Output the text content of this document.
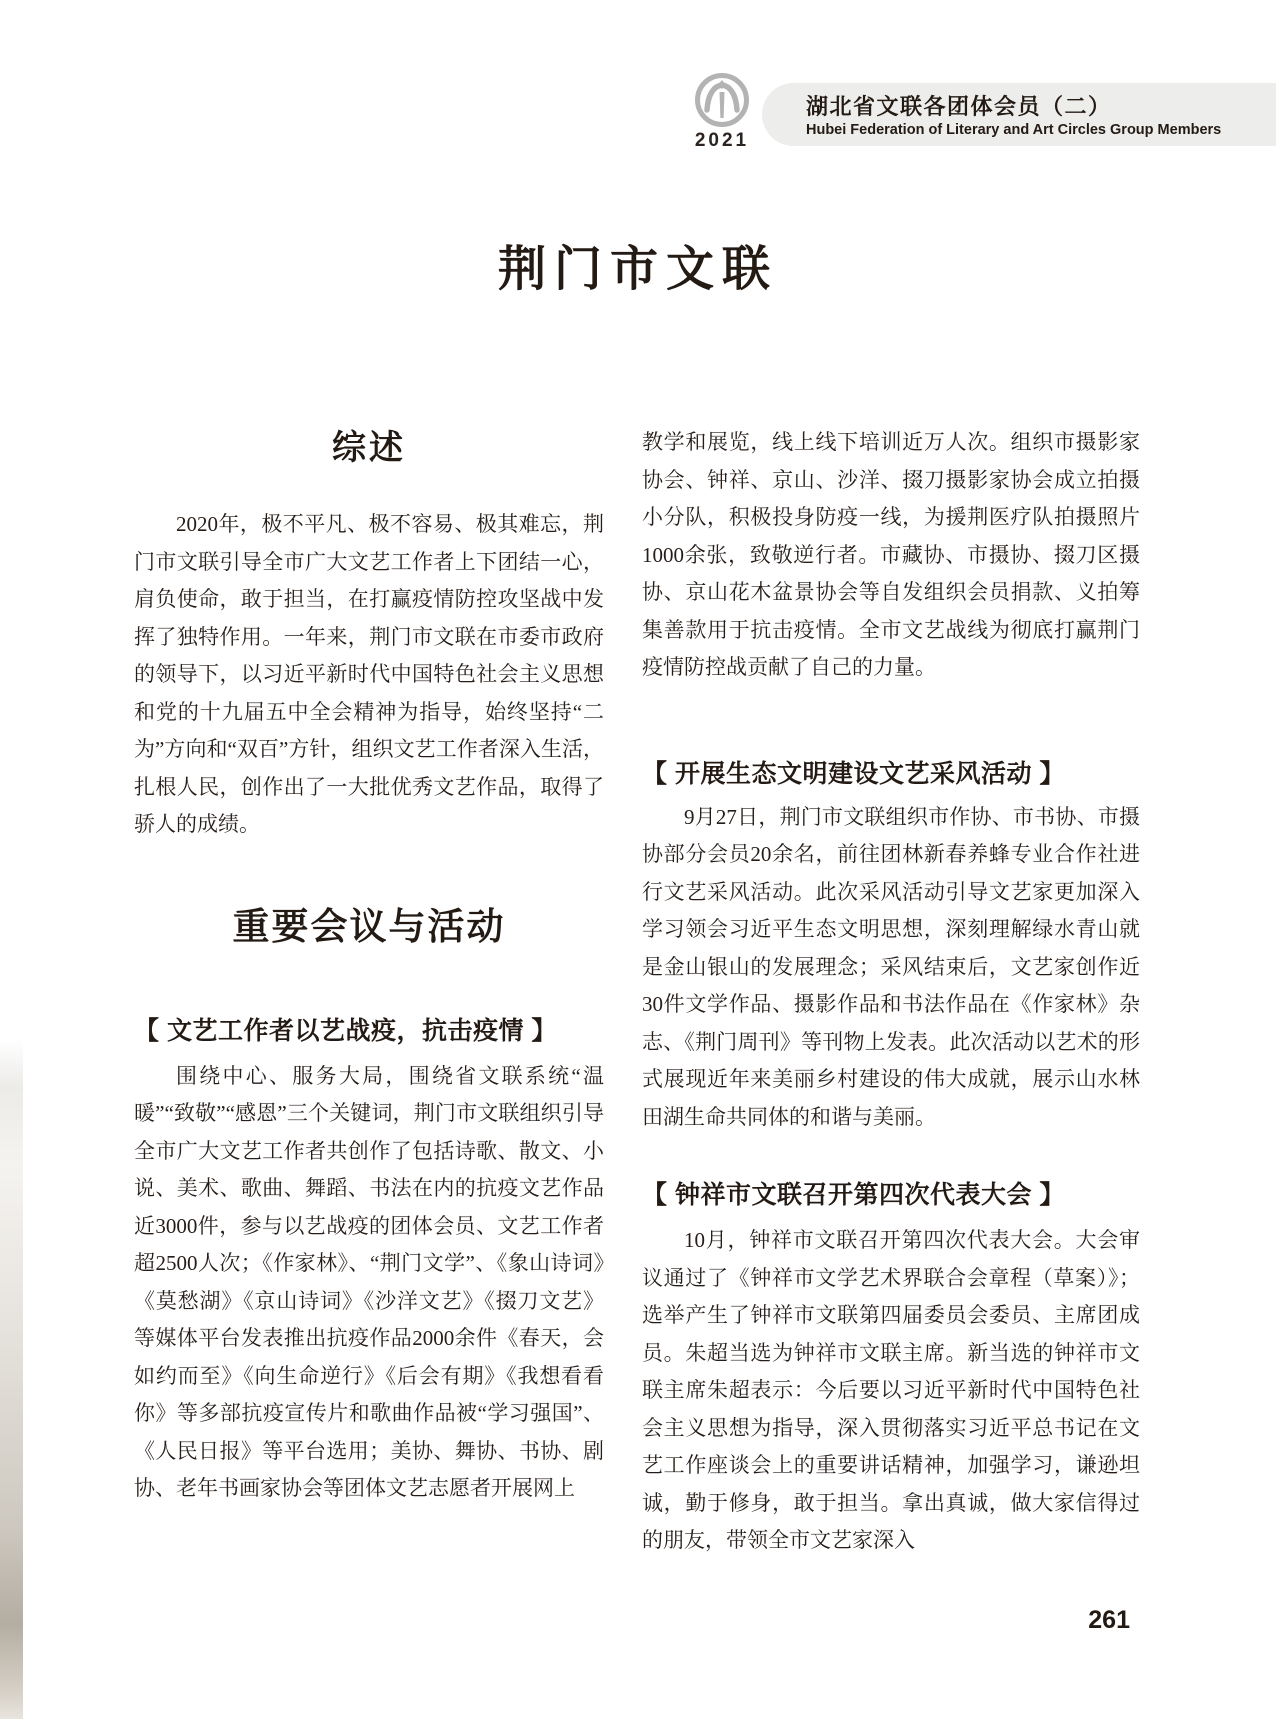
2021
湖北省文联各团体会员（二）
Hubei Federation of Literary and Art Circles Group Members
荆门市文联
综述

2020年，极不平凡、极不容易、极其难忘，荆门市文联引导全市广大文艺工作者上下团结一心，肩负使命，敢于担当，在打赢疫情防控攻坚战中发挥了独特作用。一年来，荆门市文联在市委市政府的领导下，以习近平新时代中国特色社会主义思想和党的十九届五中全会精神为指导，始终坚持“二为”方向和“双百”方针，组织文艺工作者深入生活，扎根人民，创作出了一大批优秀文艺作品，取得了骄人的成绩。

重要会议与活动
【 文艺工作者以艺战疫，抗击疫情 】

围绕中心、服务大局，围绕省文联系统“温暖”“致敬”“感恩”三个关键词，荆门市文联组织引导全市广大文艺工作者共创作了包括诗歌、散文、小说、美术、歌曲、舞蹈、书法在内的抗疫文艺作品近3000件，参与以艺战疫的团体会员、文艺工作者超2500人次；《作家林》、“荆门文学”、《象山诗词》《莫愁湖》《京山诗词》《沙洋文艺》《掇刀文艺》等媒体平台发表推出抗疫作品2000余件《春天，会如约而至》《向生命逆行》《后会有期》《我想看看你》等多部抗疫宣传片和歌曲作品被“学习强国”、《人民日报》等平台选用；美协、舞协、书协、剧协、老年书画家协会等团体文艺志愿者开展网上

教学和展览，线上线下培训近万人次。组织市摄影家协会、钟祥、京山、沙洋、掇刀摄影家协会成立拍摄小分队，积极投身防疫一线，为援荆医疗队拍摄照片1000余张，致敬逆行者。市藏协、市摄协、掇刀区摄协、京山花木盆景协会等自发组织会员捐款、义拍筹集善款用于抗击疫情。全市文艺战线为彻底打赢荆门疫情防控战贡献了自己的力量。

【 开展生态文明建设文艺采风活动 】

9月27日，荆门市文联组织市作协、市书协、市摄协部分会员20余名，前往团林新春养蜂专业合作社进行文艺采风活动。此次采风活动引导文艺家更加深入学习领会习近平生态文明思想，深刻理解绿水青山就是金山银山的发展理念；采风结束后，文艺家创作近30件文学作品、摄影作品和书法作品在《作家林》杂志、《荆门周刊》等刊物上发表。此次活动以艺术的形式展现近年来美丽乡村建设的伟大成就，展示山水林田湖生命共同体的和谐与美丽。

【 钟祥市文联召开第四次代表大会 】

10月，钟祥市文联召开第四次代表大会。大会审议通过了《钟祥市文学艺术界联合会章程（草案）》；选举产生了钟祥市文联第四届委员会委员、主席团成员。朱超当选为钟祥市文联主席。新当选的钟祥市文联主席朱超表示：今后要以习近平新时代中国特色社会主义思想为指导，深入贯彻落实习近平总书记在文艺工作座谈会上的重要讲话精神，加强学习，谦逊坦诚，勤于修身，敢于担当。拿出真诚，做大家信得过的朋友，带领全市文艺家深入

261
